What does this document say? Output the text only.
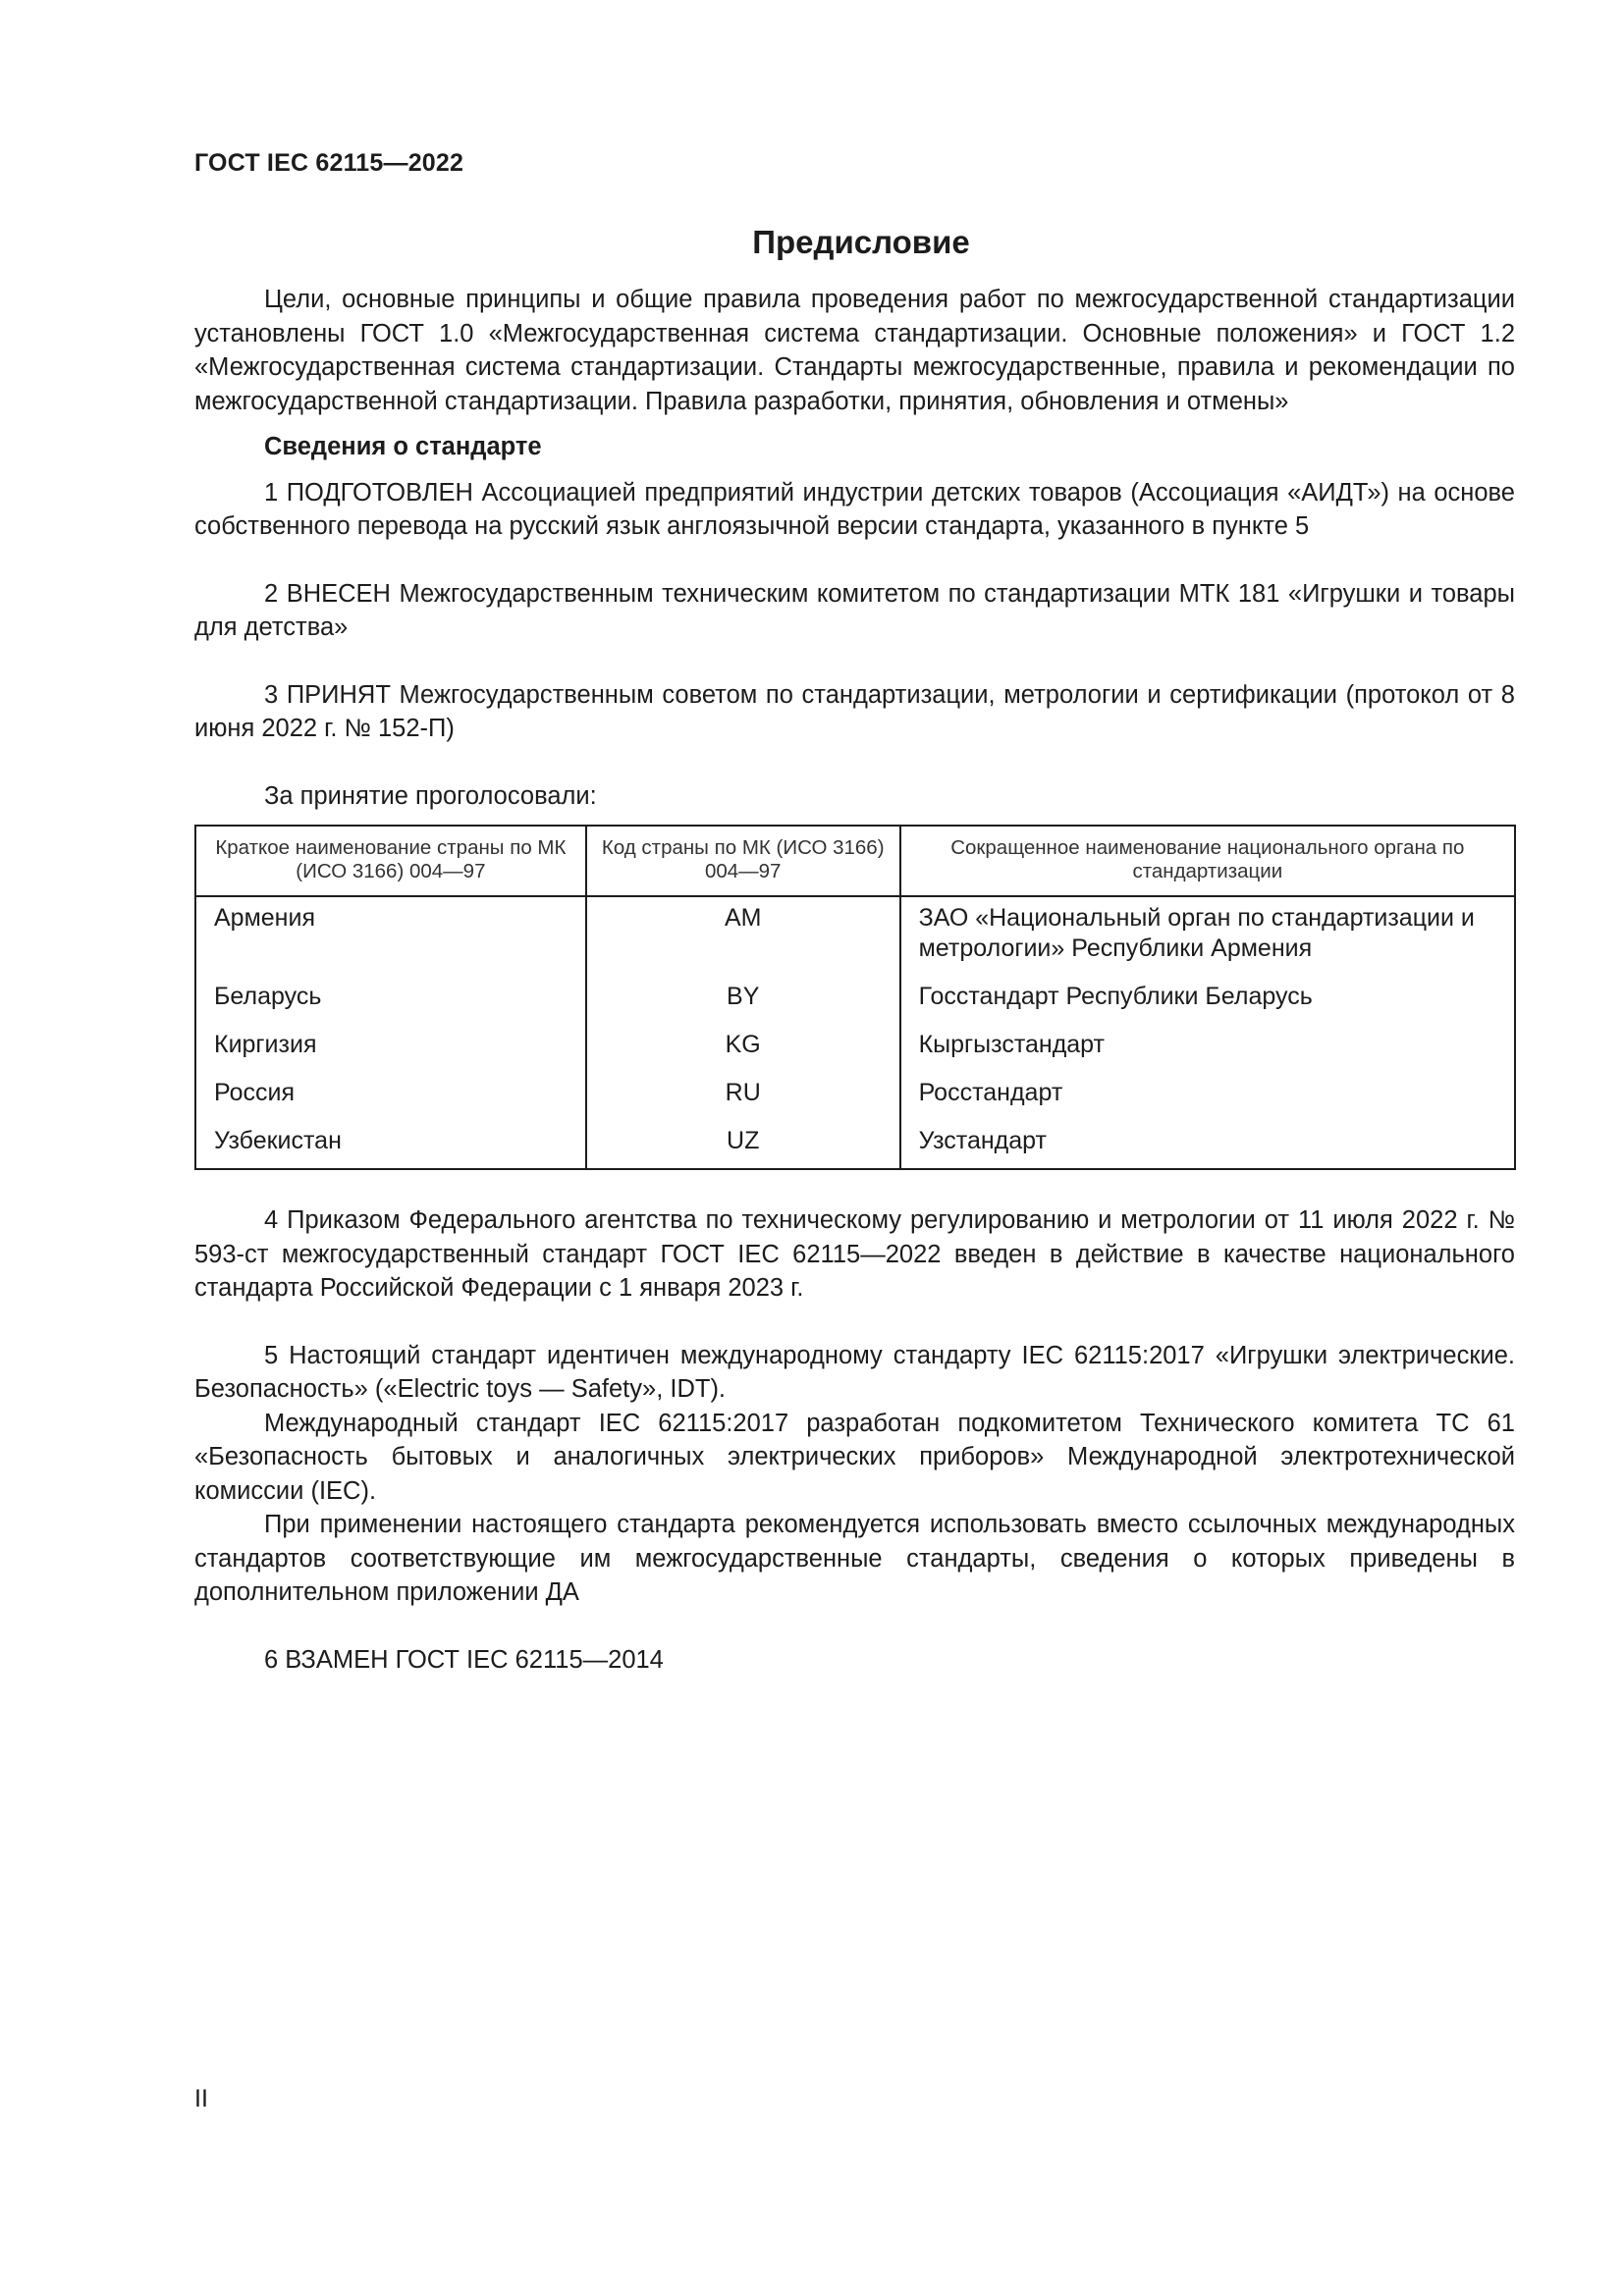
ГОСТ IEC 62115—2022
Предисловие

Цели, основные принципы и общие правила проведения работ по межгосударственной стандартизации установлены ГОСТ 1.0 «Межгосударственная система стандартизации. Основные положения» и ГОСТ 1.2 «Межгосударственная система стандартизации. Стандарты межгосударственные, правила и рекомендации по межгосударственной стандартизации. Правила разработки, принятия, обновления и отмены»

Сведения о стандарте

1 ПОДГОТОВЛЕН Ассоциацией предприятий индустрии детских товаров (Ассоциация «АИДТ») на основе собственного перевода на русский язык англоязычной версии стандарта, указанного в пункте 5

2 ВНЕСЕН Межгосударственным техническим комитетом по стандартизации МТК 181 «Игрушки и товары для детства»

3 ПРИНЯТ Межгосударственным советом по стандартизации, метрологии и сертификации (протокол от 8 июня 2022 г. № 152-П)

За принятие проголосовали:

Краткое наименование страны по МК (ИСО 3166) 004—97	Код страны по МК (ИСО 3166) 004—97	Сокращенное наименование национального органа по стандартизации
Армения	AM	ЗАО «Национальный орган по стандартизации и метрологии» Республики Армения
Беларусь	BY	Госстандарт Республики Беларусь
Киргизия	KG	Кыргызстандарт
Россия	RU	Росстандарт
Узбекистан	UZ	Узстандарт

4 Приказом Федерального агентства по техническому регулированию и метрологии от 11 июля 2022 г. № 593-ст межгосударственный стандарт ГОСТ IEC 62115—2022 введен в действие в качестве национального стандарта Российской Федерации с 1 января 2023 г.

5 Настоящий стандарт идентичен международному стандарту IEC 62115:2017 «Игрушки электрические. Безопасность» («Electric toys — Safety», IDT).

Международный стандарт IEC 62115:2017 разработан подкомитетом Технического комитета ТС 61 «Безопасность бытовых и аналогичных электрических приборов» Международной электротехнической комиссии (IEC).

При применении настоящего стандарта рекомендуется использовать вместо ссылочных международных стандартов соответствующие им межгосударственные стандарты, сведения о которых приведены в дополнительном приложении ДА

6 ВЗАМЕН ГОСТ IEC 62115—2014

II
